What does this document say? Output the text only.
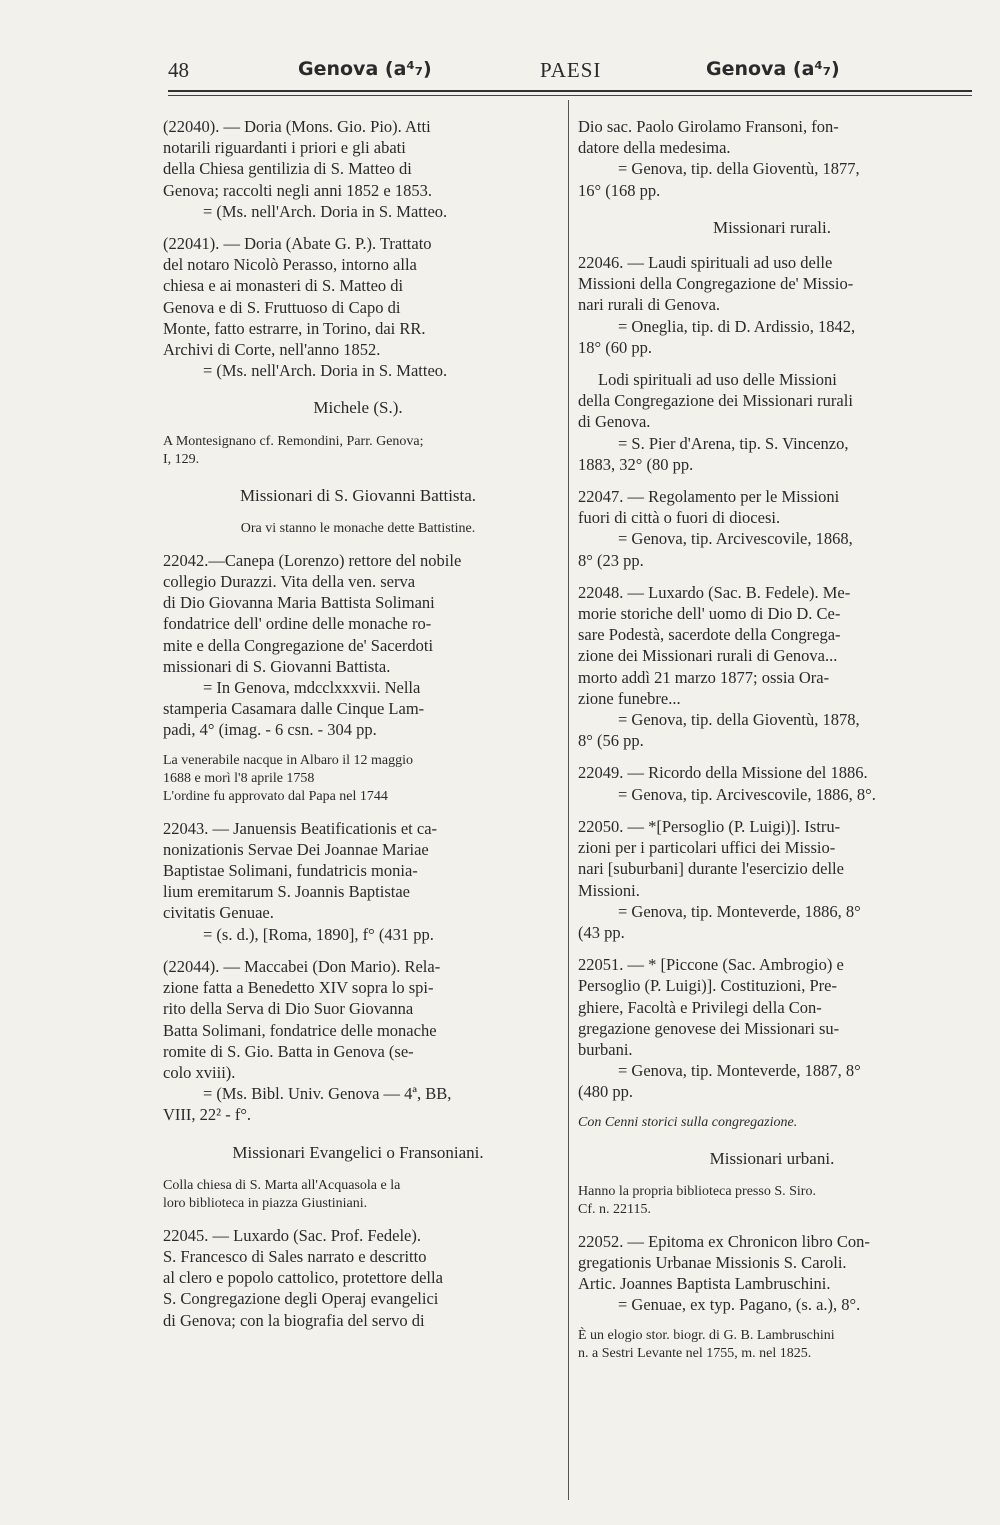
48	Genova (a⁴₇)	PAESI	Genova (a⁴₇)
(22040). — Doria (Mons. Gio. Pio). Atti
notarili riguardanti i priori e gli abati
della Chiesa gentilizia di S. Matteo di
Genova; raccolti negli anni 1852 e 1853.
= (Ms. nell'Arch. Doria in S. Matteo.
(22041). — Doria (Abate G. P.). Trattato
del notaro Nicolò Perasso, intorno alla
chiesa e ai monasteri di S. Matteo di
Genova e di S. Fruttuoso di Capo di
Monte, fatto estrarre, in Torino, dai RR.
Archivi di Corte, nell'anno 1852.
= (Ms. nell'Arch. Doria in S. Matteo.
Michele (S.).
A Montesignano cf. Remondini, Parr. Genova;
I, 129.
Missionari di S. Giovanni Battista.
Ora vi stanno le monache dette Battistine.
22042.—Canepa (Lorenzo) rettore del nobile
collegio Durazzi. Vita della ven. serva
di Dio Giovanna Maria Battista Solimani
fondatrice dell' ordine delle monache ro-
mite e della Congregazione de' Sacerdoti
missionari di S. Giovanni Battista.
= In Genova, mdcclxxxvii. Nella
stamperia Casamara dalle Cinque Lam-
padi, 4° (imag. - 6 csn. - 304 pp.
La venerabile nacque in Albaro il 12 maggio
1688 e morì l'8 aprile 1758
L'ordine fu approvato dal Papa nel 1744
22043. — Januensis Beatificationis et ca-
nonizationis Servae Dei Joannae Mariae
Baptistae Solimani, fundatricis monia-
lium eremitarum S. Joannis Baptistae
civitatis Genuae.
= (s. d.), [Roma, 1890], f° (431 pp.
(22044). — Maccabei (Don Mario). Rela-
zione fatta a Benedetto XIV sopra lo spi-
rito della Serva di Dio Suor Giovanna
Batta Solimani, fondatrice delle monache
romite di S. Gio. Batta in Genova (se-
colo xviii).
= (Ms. Bibl. Univ. Genova — 4ª, BB,
VIII, 22² - f°.
Missionari Evangelici o Fransoniani.
Colla chiesa di S. Marta all'Acquasola e la
loro biblioteca in piazza Giustiniani.
22045. — Luxardo (Sac. Prof. Fedele).
S. Francesco di Sales narrato e descritto
al clero e popolo cattolico, protettore della
S. Congregazione degli Operaj evangelici
di Genova; con la biografia del servo di
Dio sac. Paolo Girolamo Fransoni, fon-
datore della medesima.
= Genova, tip. della Gioventù, 1877,
16° (168 pp.
Missionari rurali.
22046. — Laudi spirituali ad uso delle
Missioni della Congregazione de' Missio-
nari rurali di Genova.
= Oneglia, tip. di D. Ardissio, 1842,
18° (60 pp.
Lodi spirituali ad uso delle Missioni
della Congregazione dei Missionari rurali
di Genova.
= S. Pier d'Arena, tip. S. Vincenzo,
1883, 32° (80 pp.
22047. — Regolamento per le Missioni
fuori di città o fuori di diocesi.
= Genova, tip. Arcivescovile, 1868,
8° (23 pp.
22048. — Luxardo (Sac. B. Fedele). Me-
morie storiche dell' uomo di Dio D. Ce-
sare Podestà, sacerdote della Congrega-
zione dei Missionari rurali di Genova...
morto addì 21 marzo 1877; ossia Ora-
zione funebre...
= Genova, tip. della Gioventù, 1878,
8° (56 pp.
22049. — Ricordo della Missione del 1886.
= Genova, tip. Arcivescovile, 1886, 8°.
22050. — *[Persoglio (P. Luigi)]. Istru-
zioni per i particolari uffici dei Missio-
nari [suburbani] durante l'esercizio delle
Missioni.
= Genova, tip. Monteverde, 1886, 8°
(43 pp.
22051. — * [Piccone (Sac. Ambrogio) e
Persoglio (P. Luigi)]. Costituzioni, Pre-
ghiere, Facoltà e Privilegi della Con-
gregazione genovese dei Missionari su-
burbani.
= Genova, tip. Monteverde, 1887, 8°
(480 pp.
Con Cenni storici sulla congregazione.
Missionari urbani.
Hanno la propria biblioteca presso S. Siro.
Cf. n. 22115.
22052. — Epitoma ex Chronicon libro Con-
gregationis Urbanae Missionis S. Caroli.
Artic. Joannes Baptista Lambruschini.
= Genuae, ex typ. Pagano, (s. a.), 8°.
È un elogio stor. biogr. di G. B. Lambruschini
n. a Sestri Levante nel 1755, m. nel 1825.
